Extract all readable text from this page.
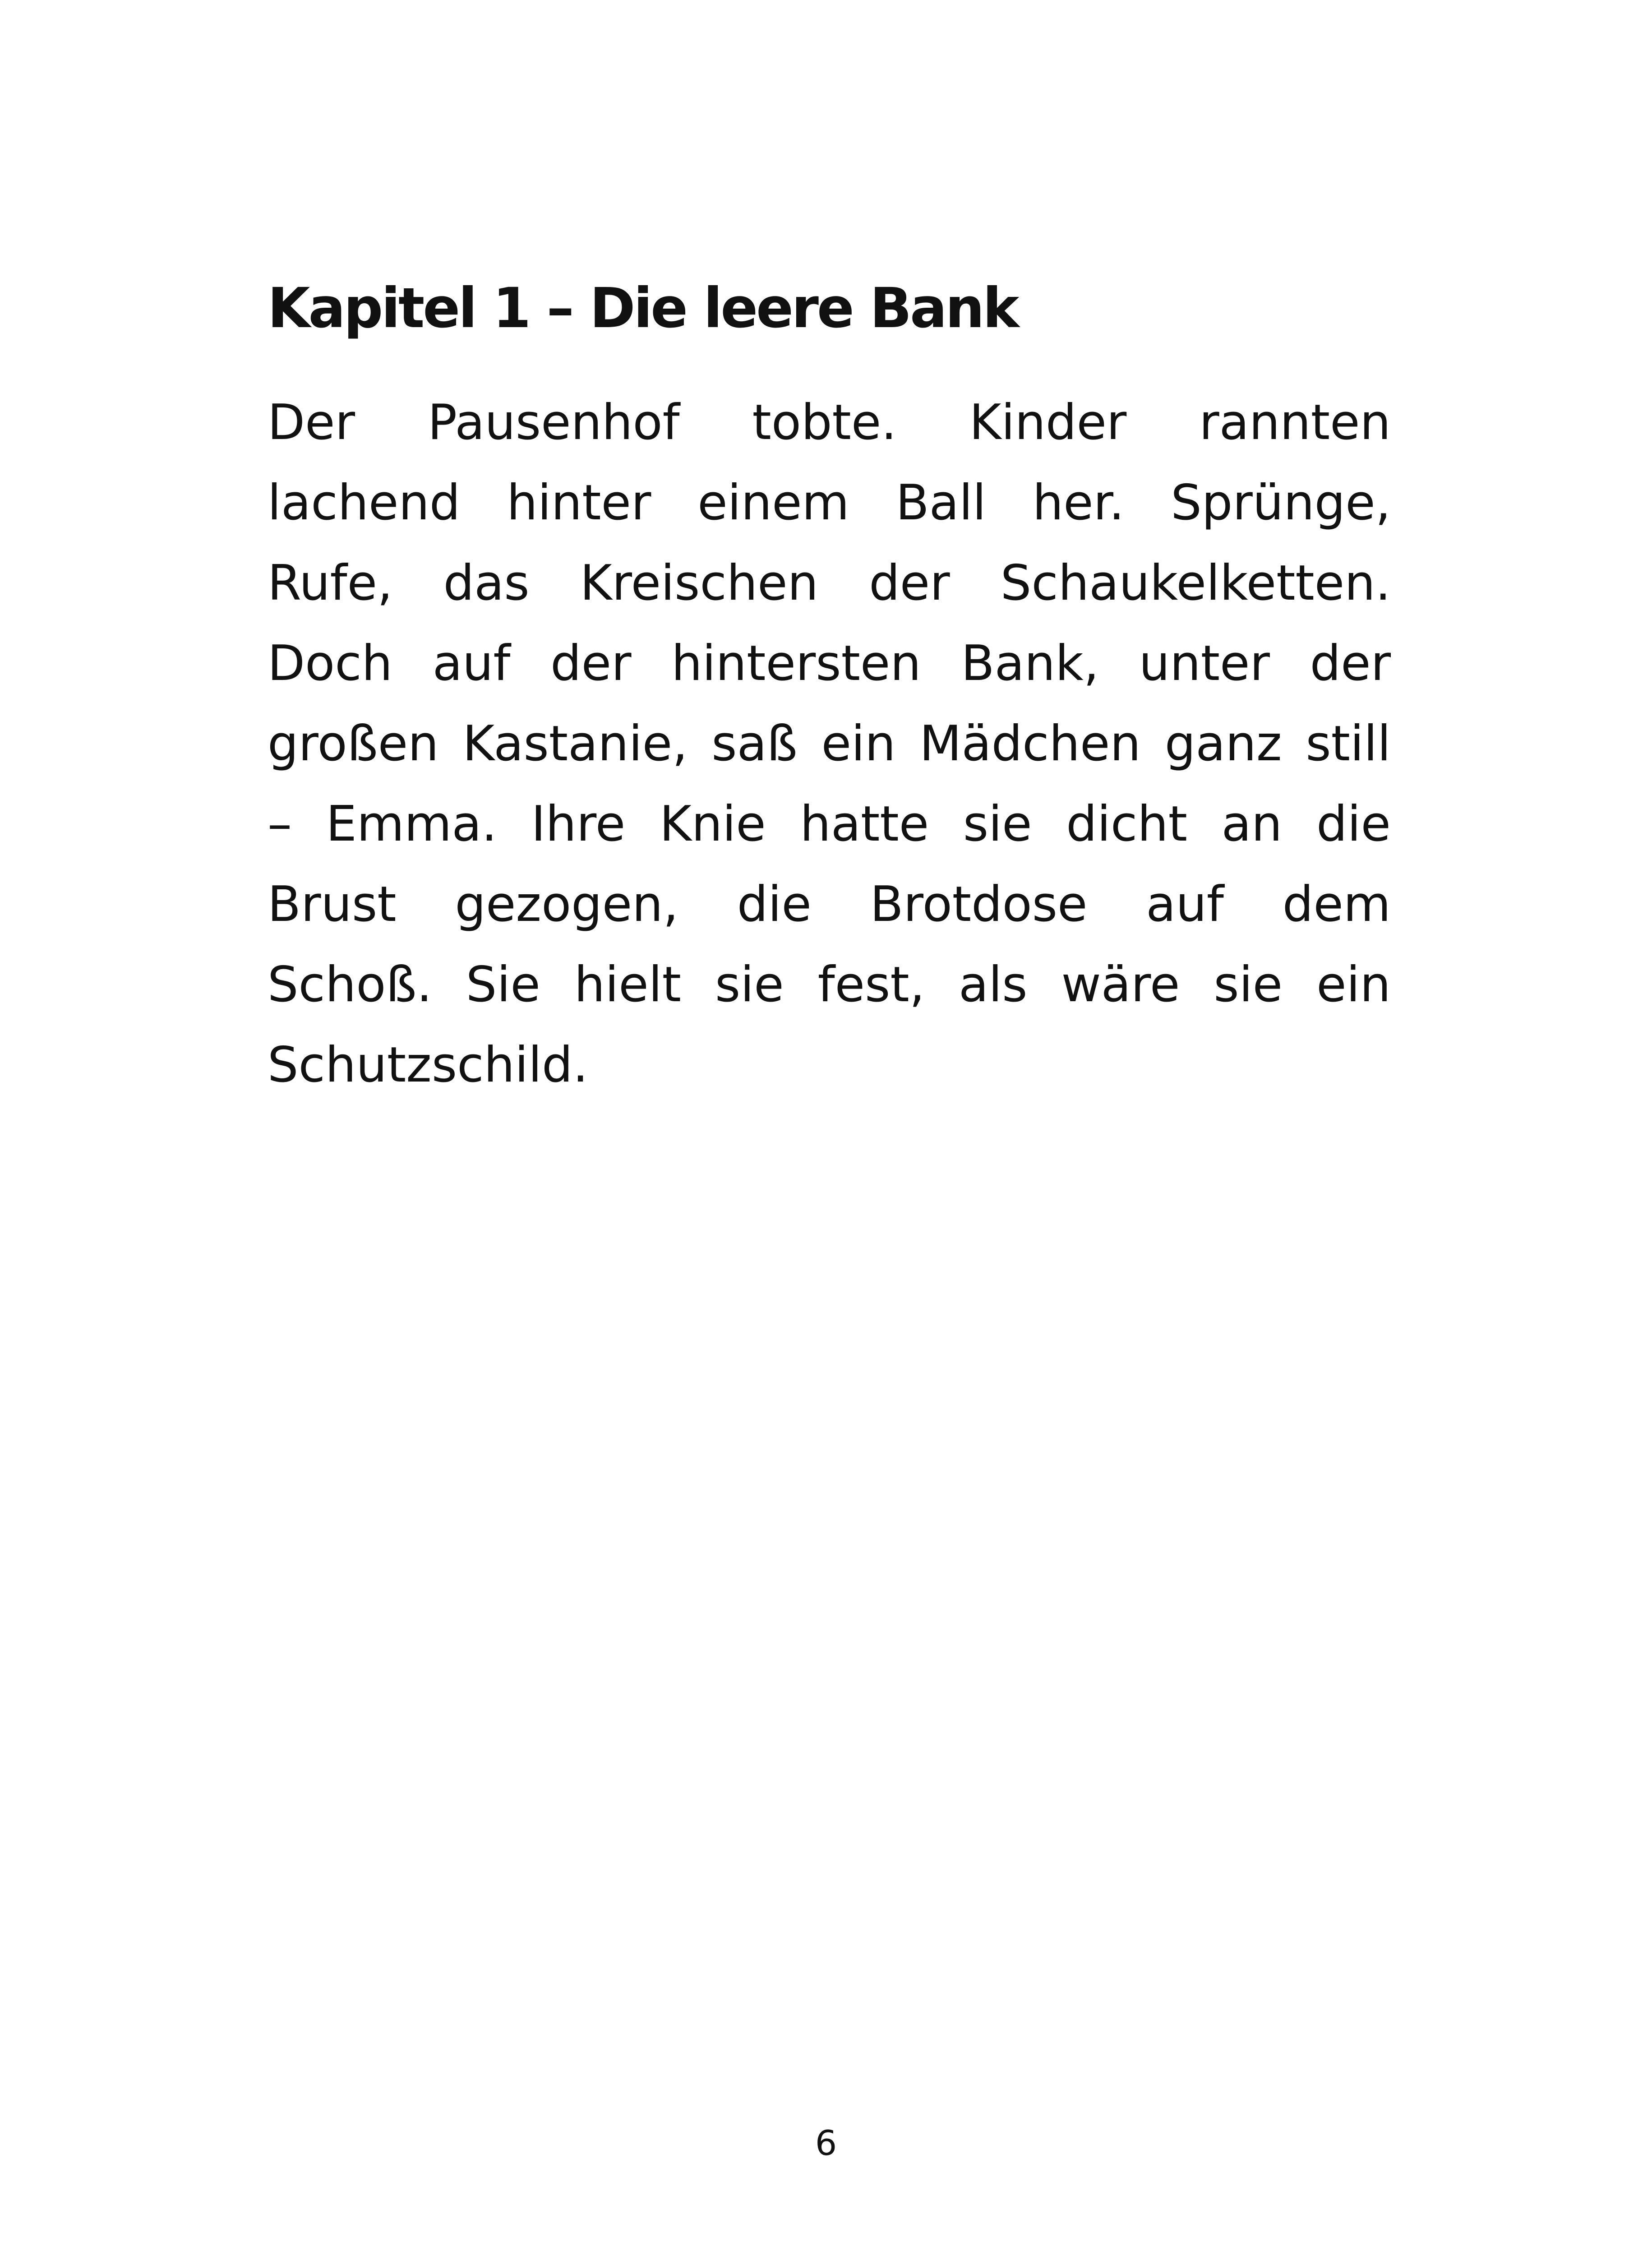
Kapitel 1 – Die leere Bank
Der Pausenhof tobte. Kinder rannten
lachend hinter einem Ball her. Sprünge,
Rufe, das Kreischen der Schaukelketten.
Doch auf der hintersten Bank, unter der
großen Kastanie, saß ein Mädchen ganz still
– Emma. Ihre Knie hatte sie dicht an die
Brust gezogen, die Brotdose auf dem
Schoß. Sie hielt sie fest, als wäre sie ein
Schutzschild.
6
